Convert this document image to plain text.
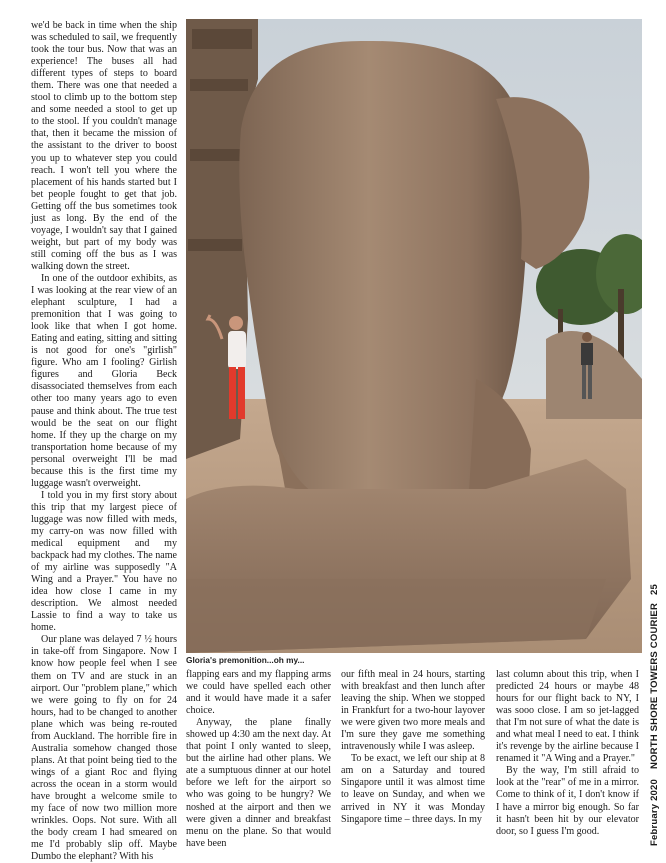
we'd be back in time when the ship was scheduled to sail, we frequently took the tour bus. Now that was an experience! The buses all had different types of steps to board them. There was one that needed a stool to climb up to the bottom step and some needed a stool to get up to the stool. If you couldn't manage that, then it became the mission of the assistant to the driver to boost you up to whatever step you could reach. I won't tell you where the placement of his hands started but I bet people fought to get that job. Getting off the bus sometimes took just as long. By the end of the voyage, I wouldn't say that I gained weight, but part of my body was still coming off the bus as I was walking down the street.

In one of the outdoor exhibits, as I was looking at the rear view of an elephant sculpture, I had a premonition that I was going to look like that when I got home. Eating and eating, sitting and sitting is not good for one's "girlish" figure. Who am I fooling? Girlish figures and Gloria Beck disassociated themselves from each other too many years ago to even pause and think about. The true test would be the seat on our flight home. If they up the charge on my transportation home because of my personal overweight I'll be mad because this is the first time my luggage wasn't overweight.

I told you in my first story about this trip that my largest piece of luggage was now filled with meds, my carry-on was now filled with medical equipment and my backpack had my clothes. The name of my airline was supposedly "A Wing and a Prayer." You have no idea how close I came in my description. We almost needed Lassie to find a way to take us home.

Our plane was delayed 7 ½ hours in take-off from Singapore. Now I know how people feel when I see them on TV and are stuck in an airport. Our "problem plane," which we were going to fly on for 24 hours, had to be changed to another plane which was being re-routed from Auckland. The horrible fire in Australia somehow changed those plans. At that point being tied to the wings of a giant Roc and flying across the ocean in a storm would have brought a welcome smile to my face of now two million more wrinkles. Oops. Not sure. With all the body cream I had smeared on me I'd probably slip off. Maybe Dumbo the elephant? With his

Gloria's premonition...oh my...

flapping ears and my flapping arms we could have spelled each other and it would have made it a safer choice.

Anyway, the plane finally showed up 4:30 am the next day. At that point I only wanted to sleep, but the airline had other plans. We ate a sumptuous dinner at our hotel before we left for the airport so who was going to be hungry? We noshed at the airport and then we were given a dinner and breakfast menu on the plane. So that would have been

our fifth meal in 24 hours, starting with breakfast and then lunch after leaving the ship. When we stopped in Frankfurt for a two-hour layover we were given two more meals and I'm sure they gave me something intravenously while I was asleep.

To be exact, we left our ship at 8 am on a Saturday and toured Singapore until it was almost time to leave on Sunday, and when we arrived in NY it was Monday Singapore time – three days. In my

last column about this trip, when I predicted 24 hours or maybe 48 hours for our flight back to NY, I was sooo close. I am so jet-lagged that I'm not sure of what the date is and what meal I need to eat. I think it's revenge by the airline because I renamed it "A Wing and a Prayer."

By the way, I'm still afraid to look at the "rear" of me in a mirror. Come to think of it, I don't know if I have a mirror big enough. So far it hasn't been hit by our elevator door, so I guess I'm good.	February 2020
NORTH SHORE TOWERS COURIER
25
